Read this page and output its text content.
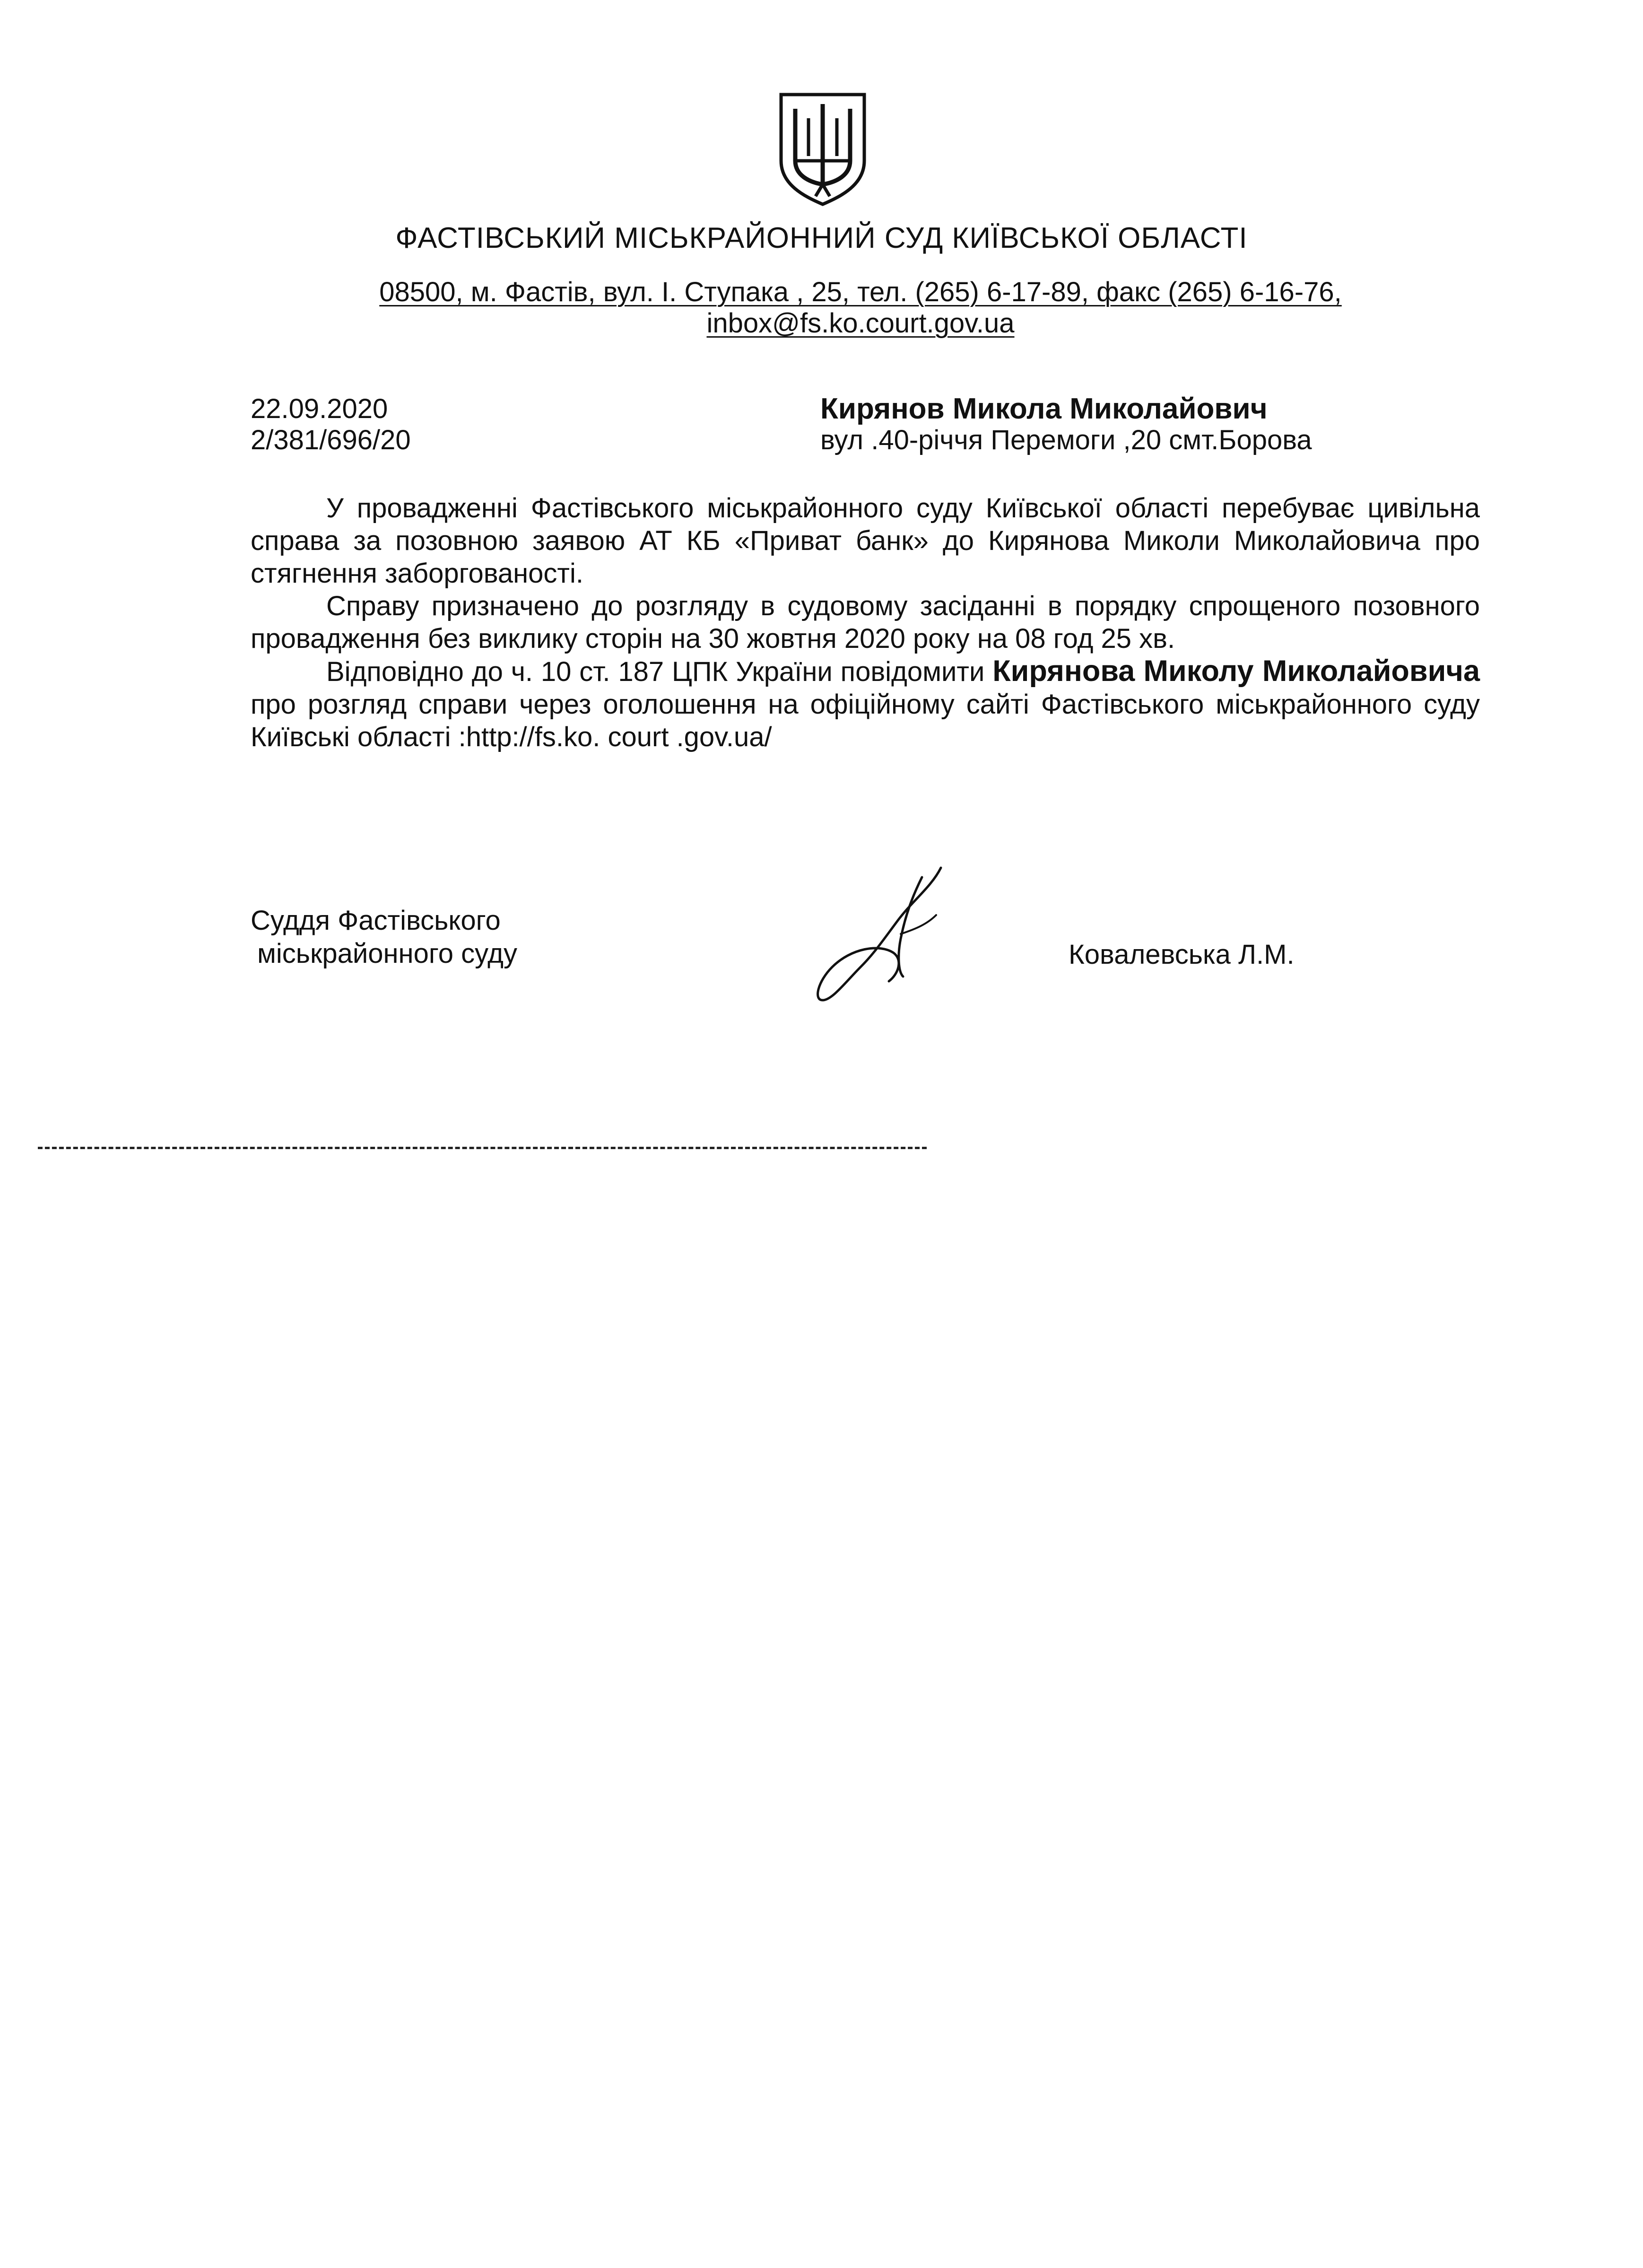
ФАСТІВСЬКИЙ МІСЬКРАЙОННИЙ СУД КИЇВСЬКОЇ ОБЛАСТІ
08500, м. Фастів, вул. І. Ступака , 25, тел. (265) 6-17-89, факс (265) 6-16-76,
inbox@fs.ko.court.gov.ua
22.09.2020
2/381/696/20
Кирянов Микола Миколайович
вул .40-річчя Перемоги ,20 смт.Борова

У провадженні Фастівського міськрайонного суду Київської області перебуває цивільна справа за позовною заявою АТ КБ «Приват банк» до Кирянова Миколи Миколайовича про стягнення заборгованості.

Справу призначено до розгляду в судовому засіданні в порядку спрощеного позовного провадження без виклику сторін на 30 жовтня 2020 року на 08 год 25 хв.

Відповідно до ч. 10 ст. 187 ЦПК України повідомити Кирянова Миколу Миколайовича про розгляд справи через оголошення на офіційному сайті Фастівського міськрайонного суду Київські області :http://fs.ko. court .gov.ua/

Суддя Фастівського
міськрайонного суду	Ковалевська Л.М.
